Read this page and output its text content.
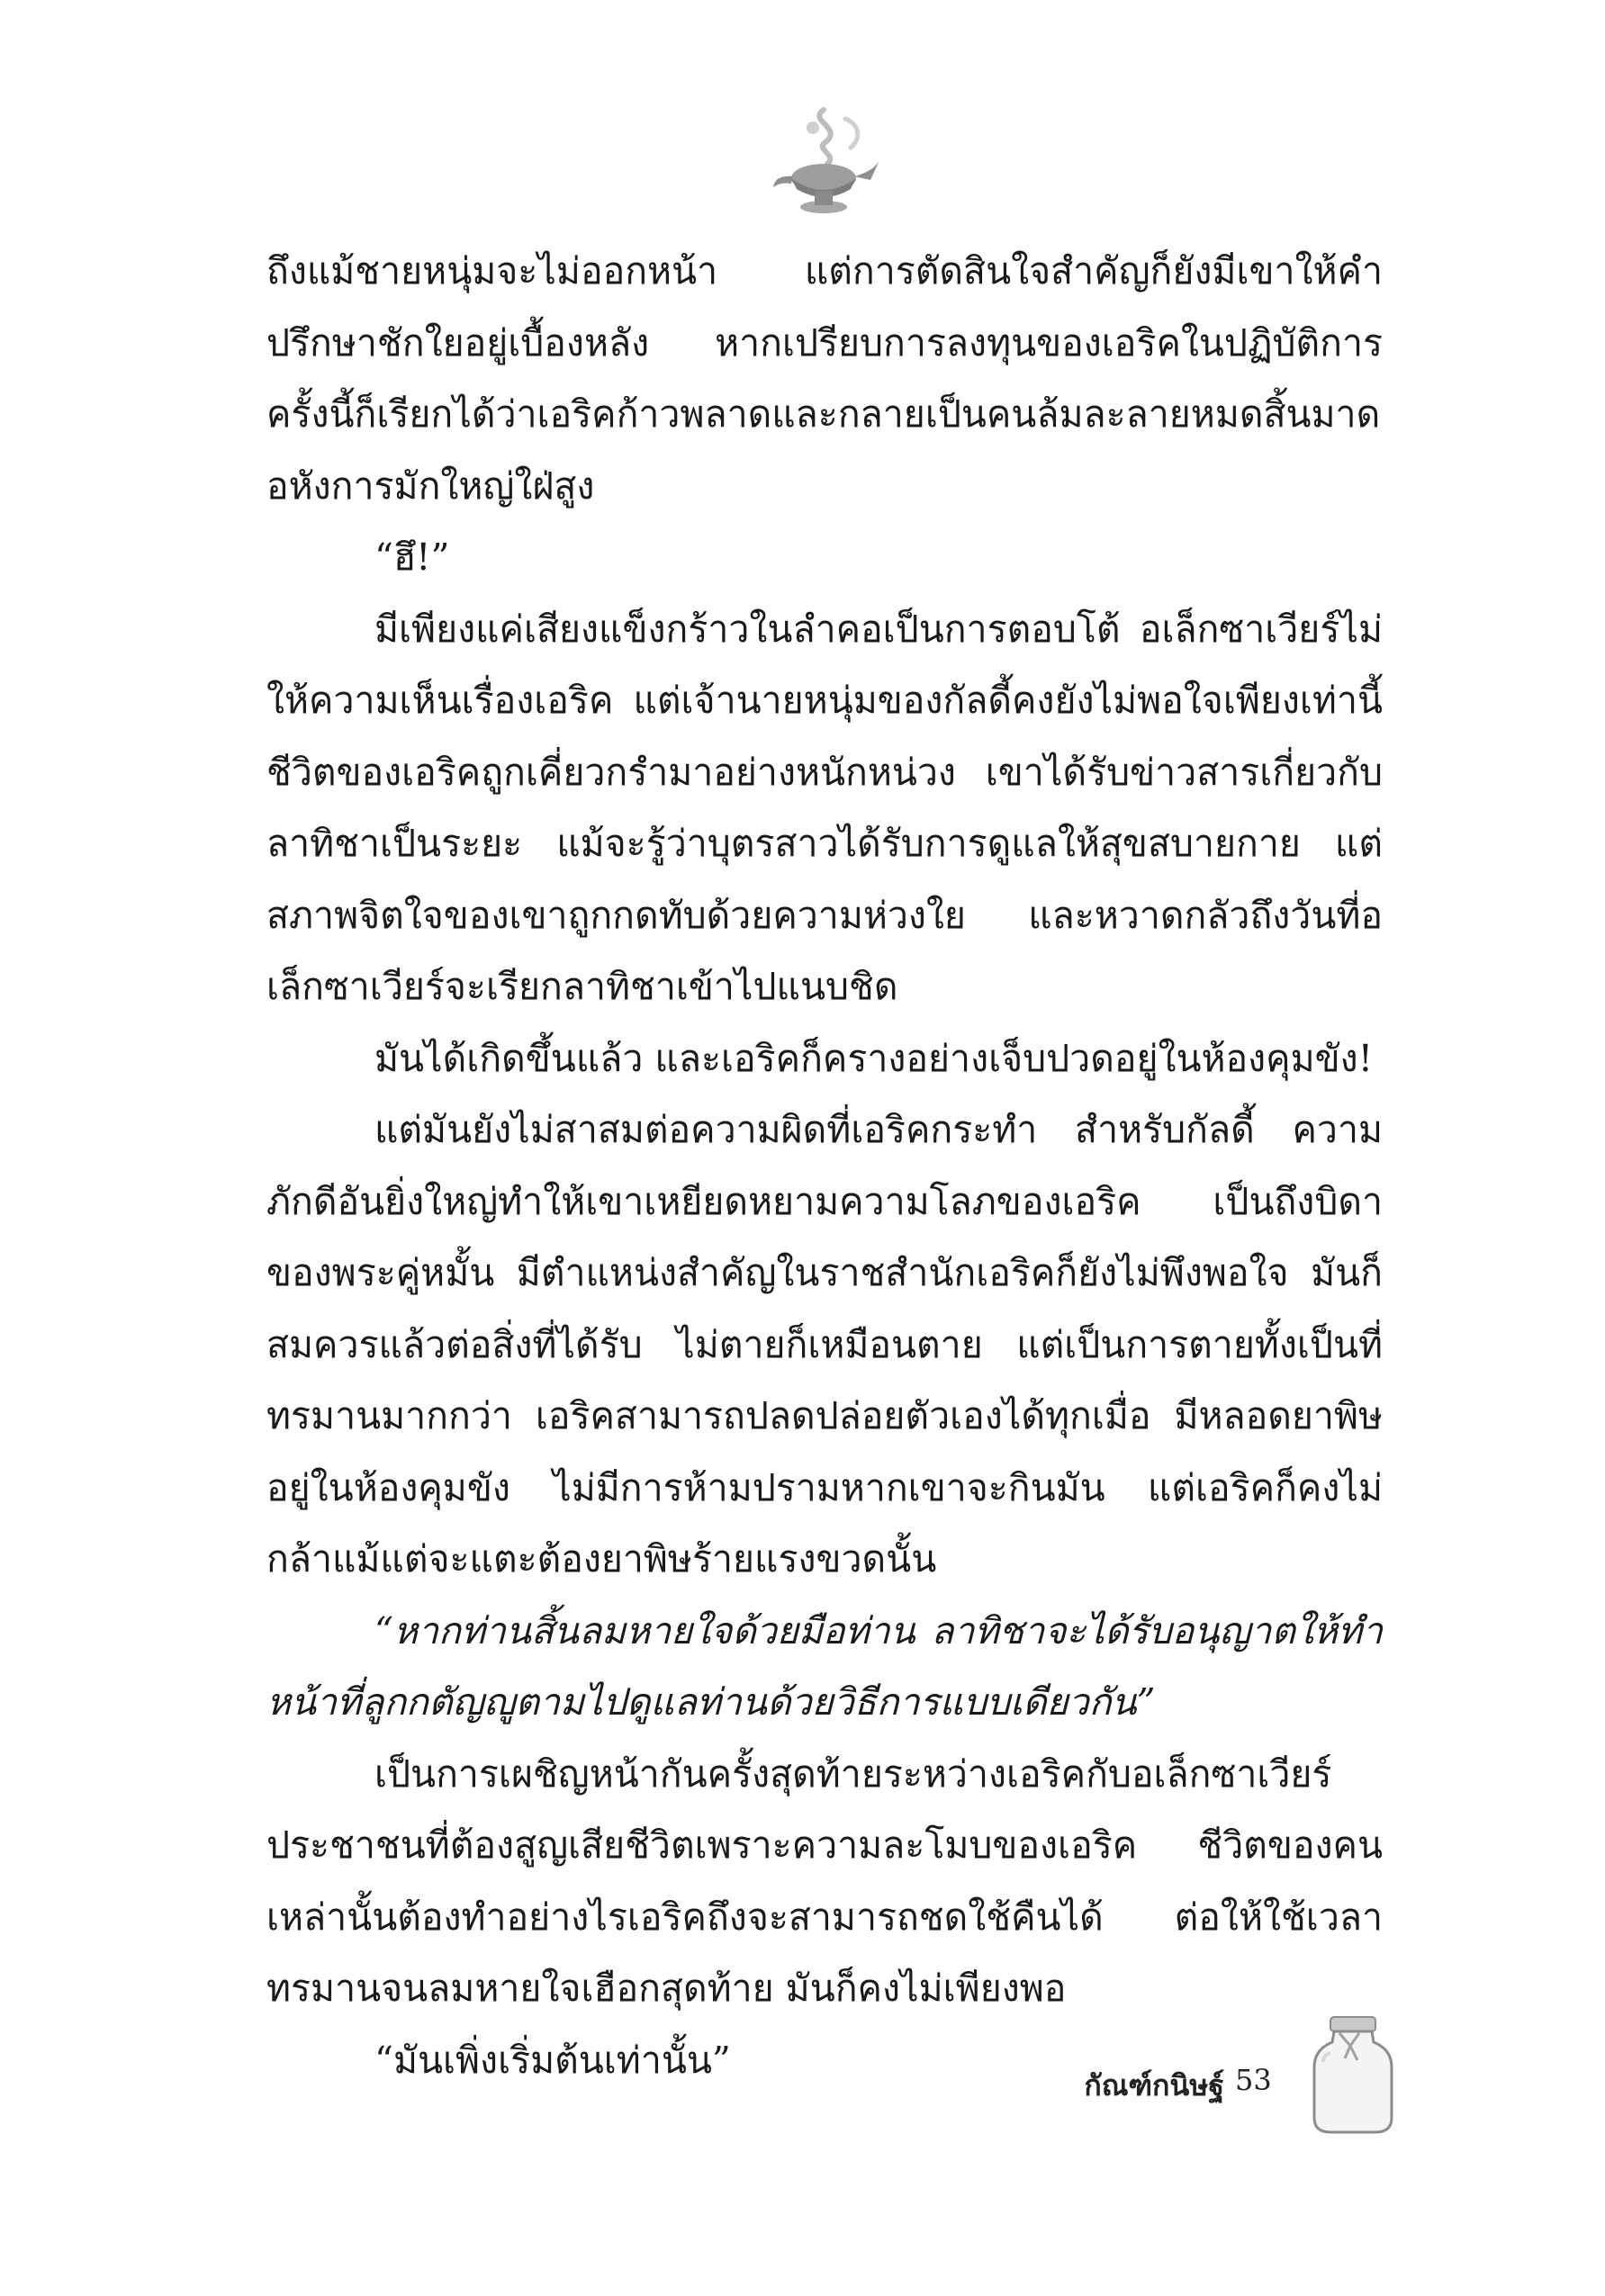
ถึงแม้ชายหนุ่มจะไม่ออกหน้า แต่การตัดสินใจสำคัญก็ยังมีเขาให้คำปรึกษาชักใยอยู่เบื้องหลัง หากเปรียบการลงทุนของเอริคในปฏิบัติการครั้งนี้ก็เรียกได้ว่าเอริคก้าวพลาดและกลายเป็นคนล้มละลายหมดสิ้นมาดอหังการมักใหญ่ใฝ่สูง

“ฮึ!”

มีเพียงแค่เสียงแข็งกร้าวในลำคอเป็นการตอบโต้ อเล็กซาเวียร์ไม่ให้ความเห็นเรื่องเอริค แต่เจ้านายหนุ่มของกัลดี้คงยังไม่พอใจเพียงเท่านี้ ชีวิตของเอริคถูกเคี่ยวกรำมาอย่างหนักหน่วง เขาได้รับข่าวสารเกี่ยวกับลาทิชาเป็นระยะ แม้จะรู้ว่าบุตรสาวได้รับการดูแลให้สุขสบายกาย แต่สภาพจิตใจของเขาถูกกดทับด้วยความห่วงใย และหวาดกลัวถึงวันที่อเล็กซาเวียร์จะเรียกลาทิชาเข้าไปแนบชิด

มันได้เกิดขึ้นแล้ว และเอริคก็ครางอย่างเจ็บปวดอยู่ในห้องคุมขัง!

แต่มันยังไม่สาสมต่อความผิดที่เอริคกระทำ สำหรับกัลดี้ ความภักดีอันยิ่งใหญ่ทำให้เขาเหยียดหยามความโลภของเอริค เป็นถึงบิดาของพระคู่หมั้น มีตำแหน่งสำคัญในราชสำนักเอริคก็ยังไม่พึงพอใจ มันก็สมควรแล้วต่อสิ่งที่ได้รับ ไม่ตายก็เหมือนตาย แต่เป็นการตายทั้งเป็นที่ทรมานมากกว่า เอริคสามารถปลดปล่อยตัวเองได้ทุกเมื่อ มีหลอดยาพิษอยู่ในห้องคุมขัง ไม่มีการห้ามปรามหากเขาจะกินมัน แต่เอริคก็คงไม่กล้าแม้แต่จะแตะต้องยาพิษร้ายแรงขวดนั้น

“หากท่านสิ้นลมหายใจด้วยมือท่าน ลาทิชาจะได้รับอนุญาตให้ทำหน้าที่ลูกกตัญญูตามไปดูแลท่านด้วยวิธีการแบบเดียวกัน”

เป็นการเผชิญหน้ากันครั้งสุดท้ายระหว่างเอริคกับอเล็กซาเวียร์ ประชาชนที่ต้องสูญเสียชีวิตเพราะความละโมบของเอริค ชีวิตของคนเหล่านั้นต้องทำอย่างไรเอริคถึงจะสามารถชดใช้คืนได้ ต่อให้ใช้เวลาทรมานจนลมหายใจเฮือกสุดท้าย มันก็คงไม่เพียงพอ

“มันเพิ่งเริ่มต้นเท่านั้น”

กัณฑ์กนิษฐ์ 53
